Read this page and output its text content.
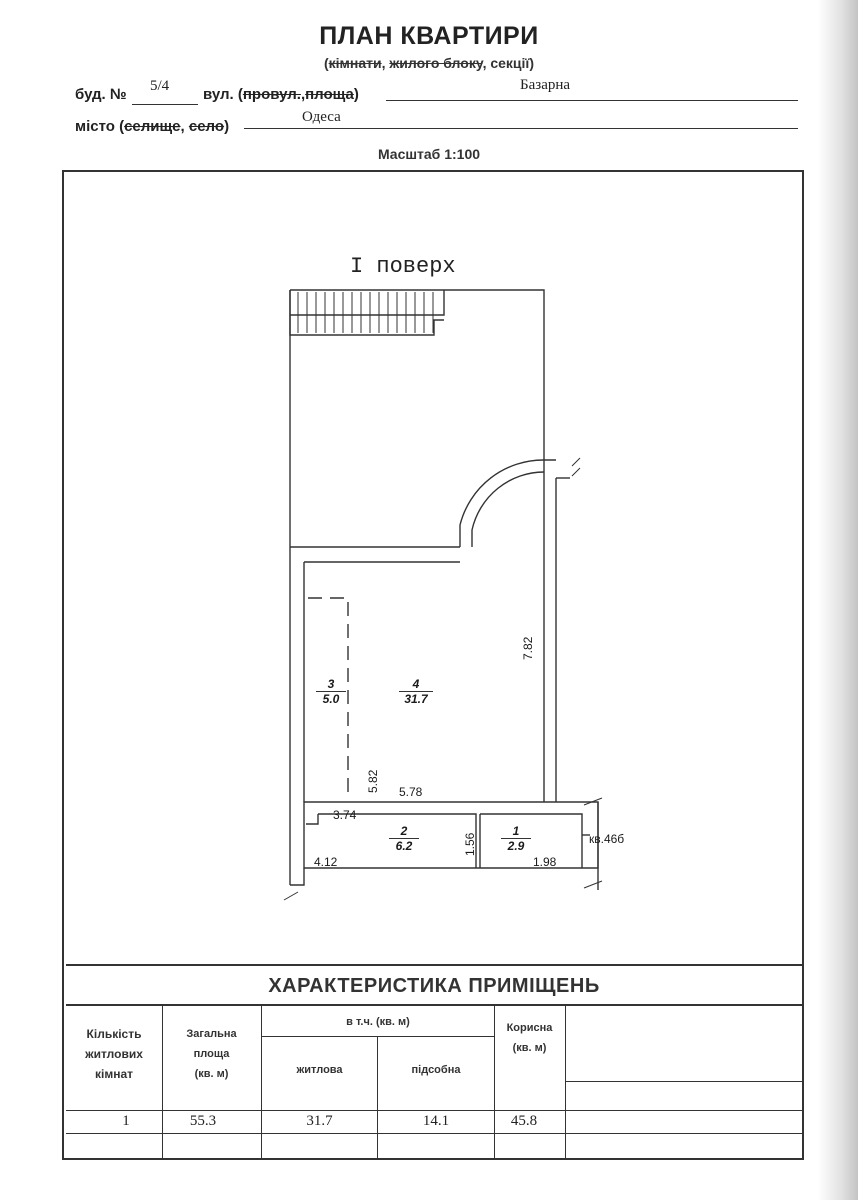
ПЛАН КВАРТИРИ
(кімнати, жилого блоку, секції)
буд. № 5/4	вул. (провул.,площа)
Базарна
місто (селище, село)
Одеса
Масштаб 1:100
I поверх
3
5.0
4
31.7
2
6.2
1
2.9
7.82
5.82 5.78
3.74
1.56
4.12	1.98
кв.46б
ХАРАКТЕРИСТИКА ПРИМІЩЕНЬ
Кількість
житлових
кімнат
Загальна
площа
(кв. м)
в т.ч. (кв. м)
житлова	підсобна
Корисна
(кв. м)
1	55.3	31.7	14.1	45.8
